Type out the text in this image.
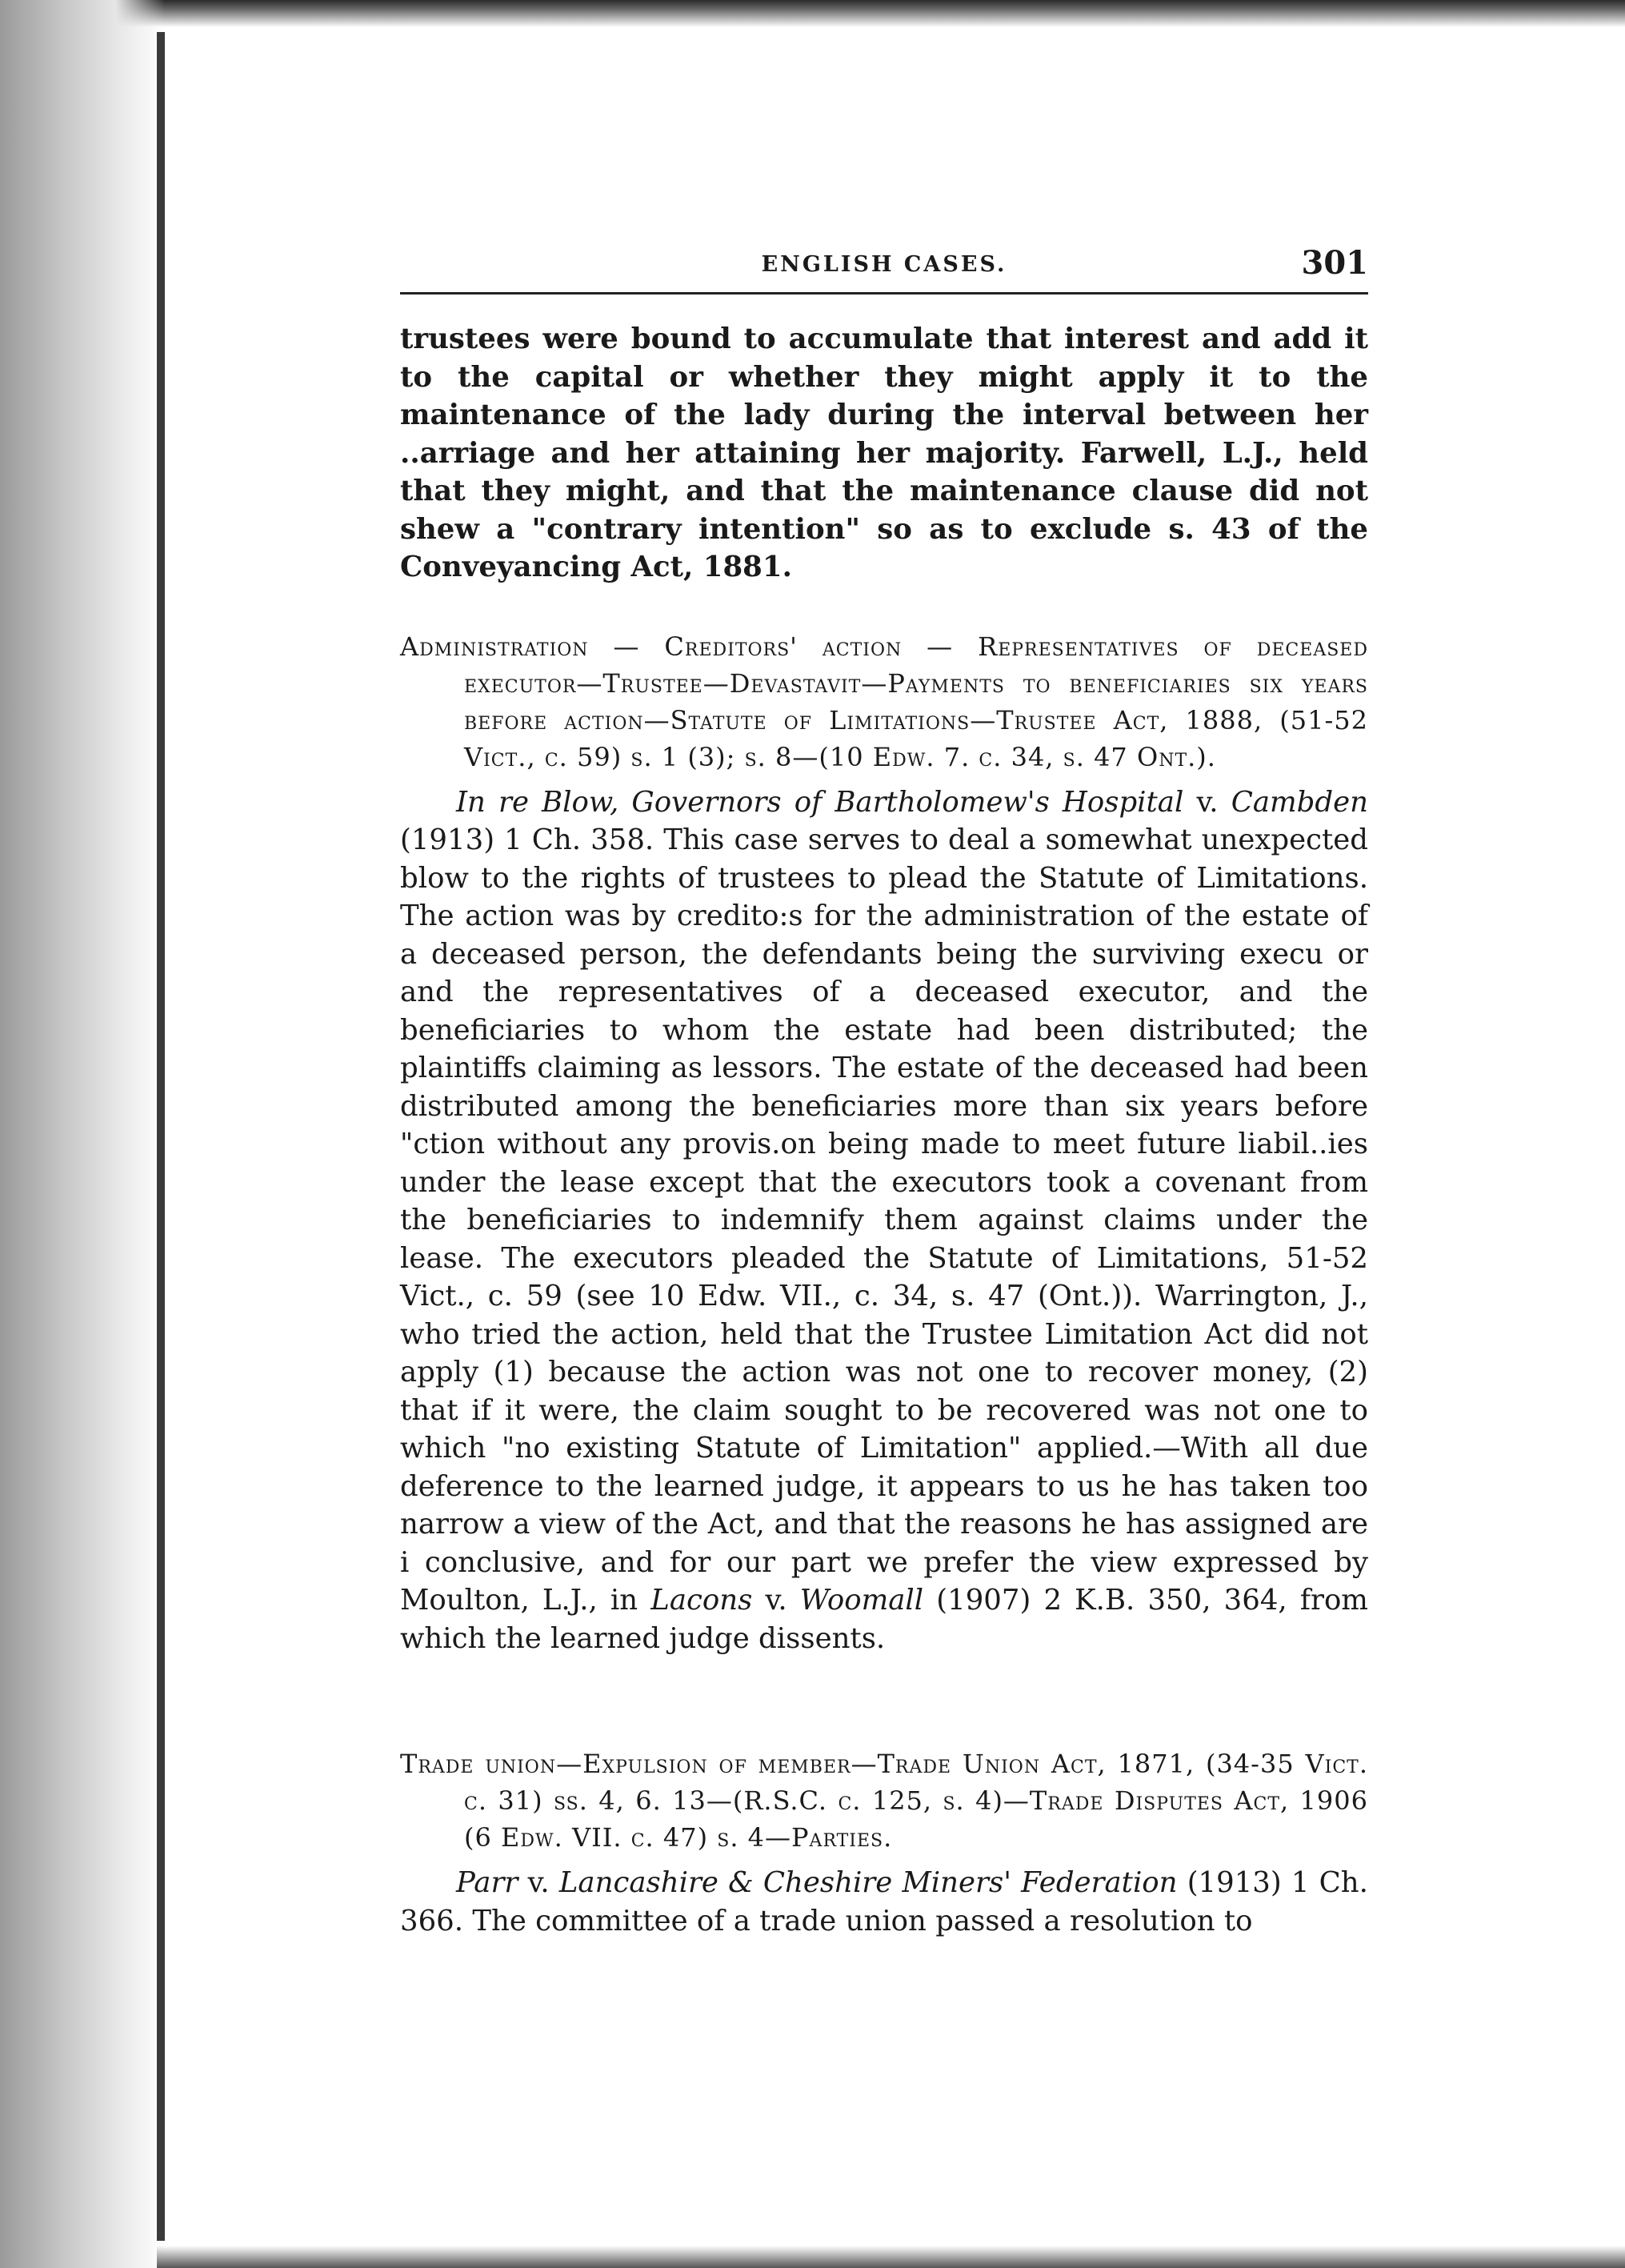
ENGLISH CASES.	301

trustees were bound to accumulate that interest and add it to the capital or whether they might apply it to the maintenance of the lady during the interval between her ..arriage and her attaining her majority. Farwell, L.J., held that they might, and that the maintenance clause did not shew a "contrary intention" so as to exclude s. 43 of the Conveyancing Act, 1881.

Administration — Creditors' action — Representatives of deceased executor—Trustee—Devastavit—Payments to beneficiaries six years before action—Statute of Limitations—Trustee Act, 1888, (51-52 Vict., c. 59) s. 1 (3); s. 8—(10 Edw. 7. c. 34, s. 47 Ont.).

In re Blow, Governors of Bartholomew's Hospital v. Cambden (1913) 1 Ch. 358. This case serves to deal a somewhat unexpected blow to the rights of trustees to plead the Statute of Limitations. The action was by credito:s for the administration of the estate of a deceased person, the defendants being the surviving execu or and the representatives of a deceased executor, and the beneficiaries to whom the estate had been distributed; the plaintiffs claiming as lessors. The estate of the deceased had been distributed among the beneficiaries more than six years before "ction without any provis.on being made to meet future liabil..ies under the lease except that the executors took a covenant from the beneficiaries to indemnify them against claims under the lease. The executors pleaded the Statute of Limitations, 51-52 Vict., c. 59 (see 10 Edw. VII., c. 34, s. 47 (Ont.)). Warrington, J., who tried the action, held that the Trustee Limitation Act did not apply (1) because the action was not one to recover money, (2) that if it were, the claim sought to be recovered was not one to which "no existing Statute of Limitation" applied.—With all due deference to the learned judge, it appears to us he has taken too narrow a view of the Act, and that the reasons he has assigned are i conclusive, and for our part we prefer the view expressed by Moulton, L.J., in Lacons v. Woomall (1907) 2 K.B. 350, 364, from which the learned judge dissents.

Trade union—Expulsion of member—Trade Union Act, 1871, (34-35 Vict. c. 31) ss. 4, 6. 13—(R.S.C. c. 125, s. 4)—Trade Disputes Act, 1906 (6 Edw. VII. c. 47) s. 4—Parties.

Parr v. Lancashire & Cheshire Miners' Federation (1913) 1 Ch. 366. The committee of a trade union passed a resolution to
